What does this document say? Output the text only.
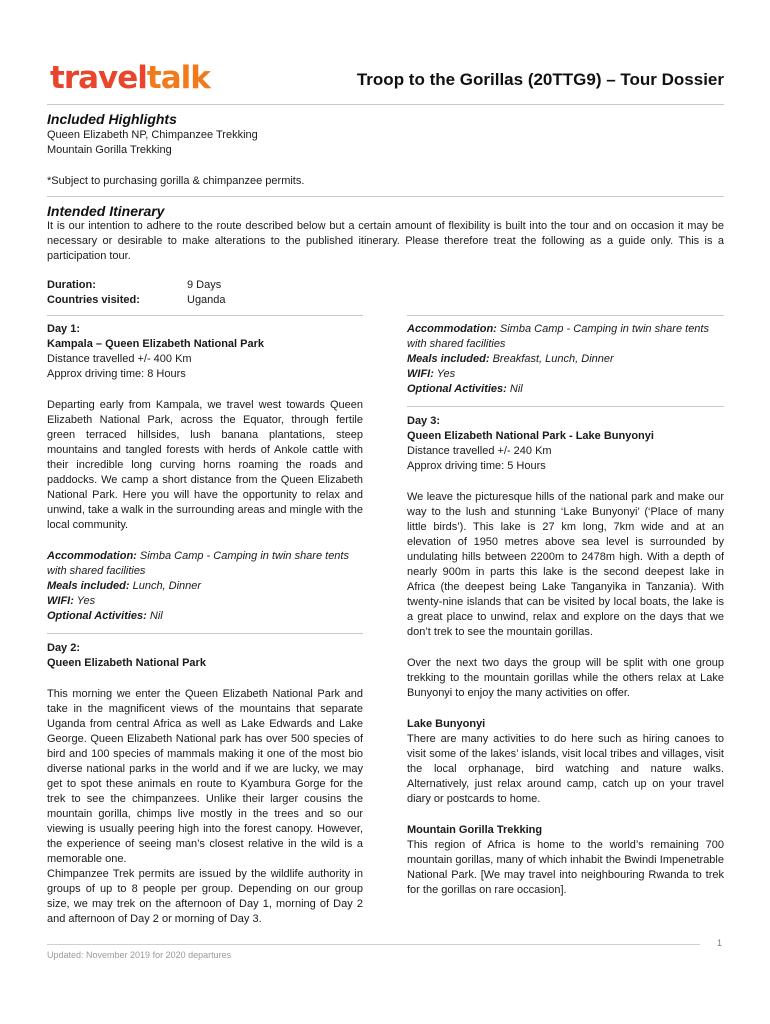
traveltalk	Troop to the Gorillas (20TTG9) – Tour Dossier
Included Highlights
Queen Elizabeth NP, Chimpanzee Trekking
Mountain Gorilla Trekking
*Subject to purchasing gorilla & chimpanzee permits.
Intended Itinerary
It is our intention to adhere to the route described below but a certain amount of flexibility is built into the tour and on occasion it may be necessary or desirable to make alterations to the published itinerary. Please therefore treat the following as a guide only. This is a participation tour.
Duration:	9 Days
Countries visited:	Uganda
Day 1:
Kampala – Queen Elizabeth National Park
Distance travelled +/- 400 Km
Approx driving time: 8 Hours
Departing early from Kampala, we travel west towards Queen Elizabeth National Park, across the Equator, through fertile green terraced hillsides, lush banana plantations, steep mountains and tangled forests with herds of Ankole cattle with their incredible long curving horns roaming the roads and paddocks. We camp a short distance from the Queen Elizabeth National Park. Here you will have the opportunity to relax and unwind, take a walk in the surrounding areas and mingle with the local community.
Accommodation: Simba Camp - Camping in twin share tents with shared facilities
Meals included: Lunch, Dinner
WIFI: Yes
Optional Activities: Nil
Day 2:
Queen Elizabeth National Park
This morning we enter the Queen Elizabeth National Park and take in the magnificent views of the mountains that separate Uganda from central Africa as well as Lake Edwards and Lake George. Queen Elizabeth National park has over 500 species of bird and 100 species of mammals making it one of the most bio diverse national parks in the world and if we are lucky, we may get to spot these animals en route to Kyambura Gorge for the trek to see the chimpanzees. Unlike their larger cousins the mountain gorilla, chimps live mostly in the trees and so our viewing is usually peering high into the forest canopy. However, the experience of seeing man’s closest relative in the wild is a memorable one.
Chimpanzee Trek permits are issued by the wildlife authority in groups of up to 8 people per group. Depending on our group size, we may trek on the afternoon of Day 1, morning of Day 2 and afternoon of Day 2 or morning of Day 3.
Accommodation: Simba Camp - Camping in twin share tents with shared facilities
Meals included: Breakfast, Lunch, Dinner
WIFI: Yes
Optional Activities: Nil
Day 3:
Queen Elizabeth National Park - Lake Bunyonyi
Distance travelled +/- 240 Km
Approx driving time: 5 Hours
We leave the picturesque hills of the national park and make our way to the lush and stunning ‘Lake Bunyonyi’ (‘Place of many little birds’). This lake is 27 km long, 7km wide and at an elevation of 1950 metres above sea level is surrounded by undulating hills between 2200m to 2478m high. With a depth of nearly 900m in parts this lake is the second deepest lake in Africa (the deepest being Lake Tanganyika in Tanzania). With twenty-nine islands that can be visited by local boats, the lake is a great place to unwind, relax and explore on the days that we don’t trek to see the mountain gorillas.
Over the next two days the group will be split with one group trekking to the mountain gorillas while the others relax at Lake Bunyonyi to enjoy the many activities on offer.
Lake Bunyonyi
There are many activities to do here such as hiring canoes to visit some of the lakes’ islands, visit local tribes and villages, visit the local orphanage, bird watching and nature walks. Alternatively, just relax around camp, catch up on your travel diary or postcards to home.
Mountain Gorilla Trekking
This region of Africa is home to the world’s remaining 700 mountain gorillas, many of which inhabit the Bwindi Impenetrable National Park. [We may travel into neighbouring Rwanda to trek for the gorillas on rare occasion].
1
Updated: November 2019 for 2020 departures
